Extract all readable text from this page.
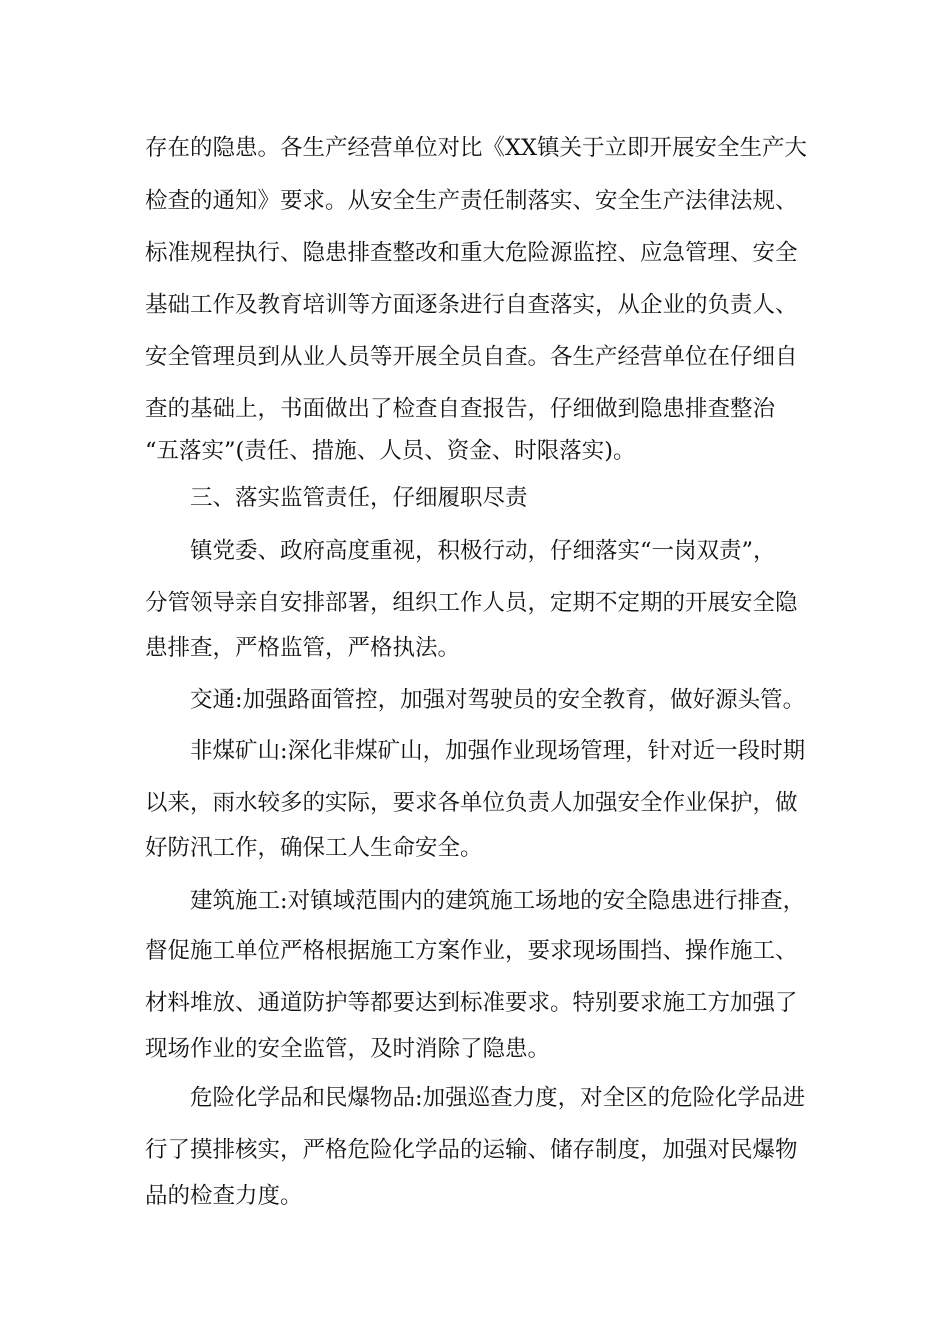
存在的隐患。各生产经营单位对比《XX镇关于立即开展安全生产大
检查的通知》要求。从安全生产责任制落实、安全生产法律法规、
标准规程执行、隐患排查整改和重大危险源监控、应急管理、安全
基础工作及教育培训等方面逐条进行自查落实，从企业的负责人、
安全管理员到从业人员等开展全员自查。各生产经营单位在仔细自
查的基础上，书面做出了检查自查报告，仔细做到隐患排查整治
“五落实”(责任、措施、人员、资金、时限落实)。
三、落实监管责任，仔细履职尽责
镇党委、政府高度重视，积极行动，仔细落实“一岗双责”，
分管领导亲自安排部署，组织工作人员，定期不定期的开展安全隐
患排查，严格监管，严格执法。
交通:加强路面管控，加强对驾驶员的安全教育，做好源头管。
非煤矿山:深化非煤矿山，加强作业现场管理，针对近一段时期
以来，雨水较多的实际，要求各单位负责人加强安全作业保护，做
好防汛工作，确保工人生命安全。
建筑施工:对镇域范围内的建筑施工场地的安全隐患进行排查，
督促施工单位严格根据施工方案作业，要求现场围挡、操作施工、
材料堆放、通道防护等都要达到标准要求。特别要求施工方加强了
现场作业的安全监管，及时消除了隐患。
危险化学品和民爆物品:加强巡查力度，对全区的危险化学品进
行了摸排核实，严格危险化学品的运输、储存制度，加强对民爆物
品的检查力度。
